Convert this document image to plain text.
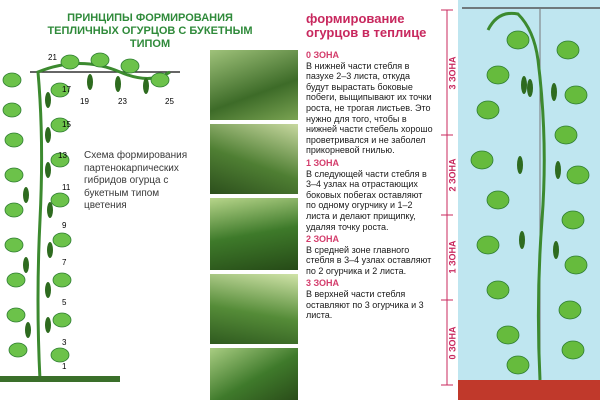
ПРИНЦИПЫ ФОРМИРОВАНИЯ
ТЕПЛИЧНЫХ ОГУРЦОВ С БУКЕТНЫМ ТИПОМ
1
3
5
7
9
11
13
15
17
19
21
23	25
Схема формирования партенокарпических гибридов огурца с букетным типом цветения
формирование
огурцов в теплице

0 ЗОНА

В нижней части стебля в пазухе 2–3 листа, откуда будут вырастать боковые побеги, выщипывают их точки роста, не трогая листьев. Это нужно для того, чтобы в нижней части стебель хорошо проветривался и не заболел прикорневой гнилью.

1 ЗОНА

В следующей части стебля в 3–4 узлах на отрастающих боковых побегах оставляют по одному огурчику и 1–2 листа и делают прищипку, удаляя точку роста.

2 ЗОНА

В средней зоне главного стебля в 3–4 узлах оставляют по 2 огурчика и 2 листа.

3 ЗОНА

В верхней части стебля оставляют по 3 огурчика и 3 листа.

3 ЗОНА
2 ЗОНА
1 ЗОНА
0 ЗОНА
